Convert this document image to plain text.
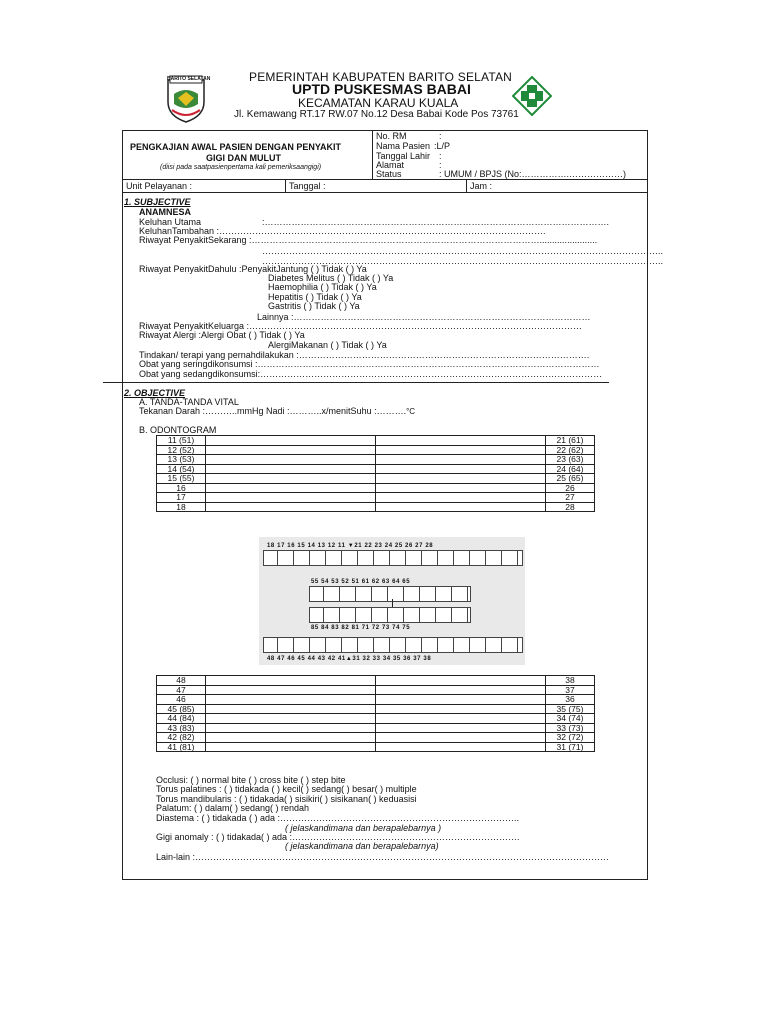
BARITO SELATAN	PEMERINTAH KABUPATEN BARITO SELATAN
UPTD PUSKESMAS BABAI
KECAMATAN KARAU KUALA
Jl. Kemawang RT.17 RW.07 No.12 Desa Babai Kode Pos 73761
PENGKAJIAN AWAL PASIEN DENGAN PENYAKIT
GIGI DAN MULUT
(diisi pada saatpasienpertama kali pemeriksaangigi)
No. RM	:
Nama Pasien :L/P
Tanggal Lahir :
Alamat	:
Status	: UMUM / BPJS (No:…………….………………)
Unit Pelayanan :	Tanggal :	Jam :
1. SUBJECTIVE
ANAMNESA
Keluhan Utama	:…………………………………………………………………………………………………….
KeluhanTambahan :……………………………………………………………………………………………….
Riwayat PenyakitSekarang :…………………………………………………………………………………….......................
……………………………………………………………………………………………………………………..
……………………………………………………………………………………………………………………..
Riwayat PenyakitDahulu :PenyakitJantung ( ) Tidak ( ) Ya
Diabetes Melitus ( ) Tidak ( ) Ya
Haemophilia ( ) Tidak ( ) Ya
Hepatitis ( ) Tidak ( ) Ya
Gastritis ( ) Tidak ( ) Ya
Lainnya :………………………………………………………………………………………
Riwayat PenyakitKeluarga :…………………………………………………………………………………………………
Riwayat Alergi :Alergi Obat ( ) Tidak ( ) Ya
AlergiMakanan ( ) Tidak ( ) Ya
Tindakan/ terapi yang pernahdilakukan :…………………………………………………………………………………….
Obat yang seringdikonsumsi :……………………………………………………………………………………………………
Obat yang sedangdikonsumsi:……………………………………………………………………………………………………
2. OBJECTIVE
A. TANDA-TANDA VITAL
Tekanan Darah :………..mmHg Nadi :………..x/menitSuhu :……….°C
B. ODONTOGRAM
11 (51)			21 (61)
12 (52)			22 (62)
13 (53)			23 (63)
14 (54)			24 (64)
15 (55)			25 (65)
16			26
17			27
18			28
18 17 16 15 14 13 12 11 ▼21 22 23 24 25 26 27 28
55 54 53 52 51 61 62 63 64 65
85 84 83 82 81 71 72 73 74 75
48 47 46 45 44 43 42 41▲31 32 33 34 35 36 37 38
48			38
47			37
46			36
45 (85)			35 (75)
44 (84)			34 (74)
43 (83)			33 (73)
42 (82)			32 (72)
41 (81)			31 (71)
Occlusi: ( ) normal bite ( ) cross bite ( ) step bite
Torus palatines : ( ) tidakada ( ) kecil( ) sedang( ) besar( ) multiple
Torus mandibularis : ( ) tidakada( ) sisikiri( ) sisikanan( ) keduasisi
Palatum: ( ) dalam( ) sedang( ) rendah
Diastema : ( ) tidakada ( ) ada :……………………………………………………………………..
( jelaskandimana dan berapalebarnya )
Gigi anomaly : ( ) tidakada( ) ada :………………………………………………………………….
( jelaskandimana dan berapalebarnya)
Lain-lain :…………………………………………………………………………………………………………………………
